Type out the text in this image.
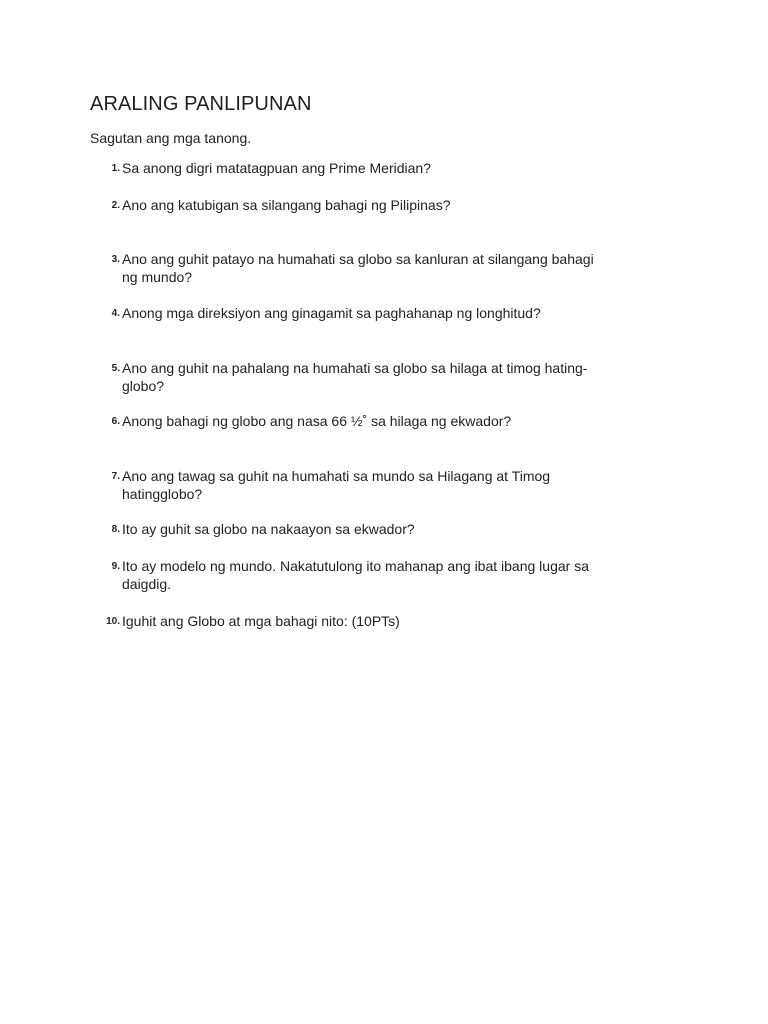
ARALING PANLIPUNAN

Sagutan ang mga tanong.

1. Sa anong digri matatagpuan ang Prime Meridian?
2. Ano ang katubigan sa silangang bahagi ng Pilipinas?
3. Ano ang guhit patayo na humahati sa globo sa kanluran at silangang bahagi ng mundo?
4. Anong mga direksiyon ang ginagamit sa paghahanap ng longhitud?
5. Ano ang guhit na pahalang na humahati sa globo sa hilaga at timog hating-globo?
6. Anong bahagi ng globo ang nasa 66 ½˚ sa hilaga ng ekwador?
7. Ano ang tawag sa guhit na humahati sa mundo sa Hilagang at Timog hatingglobo?
8. Ito ay guhit sa globo na nakaayon sa ekwador?
9. Ito ay modelo ng mundo. Nakatutulong ito mahanap ang ibat ibang lugar sa daigdig.
10. Iguhit ang Globo at mga bahagi nito: (10PTs)
